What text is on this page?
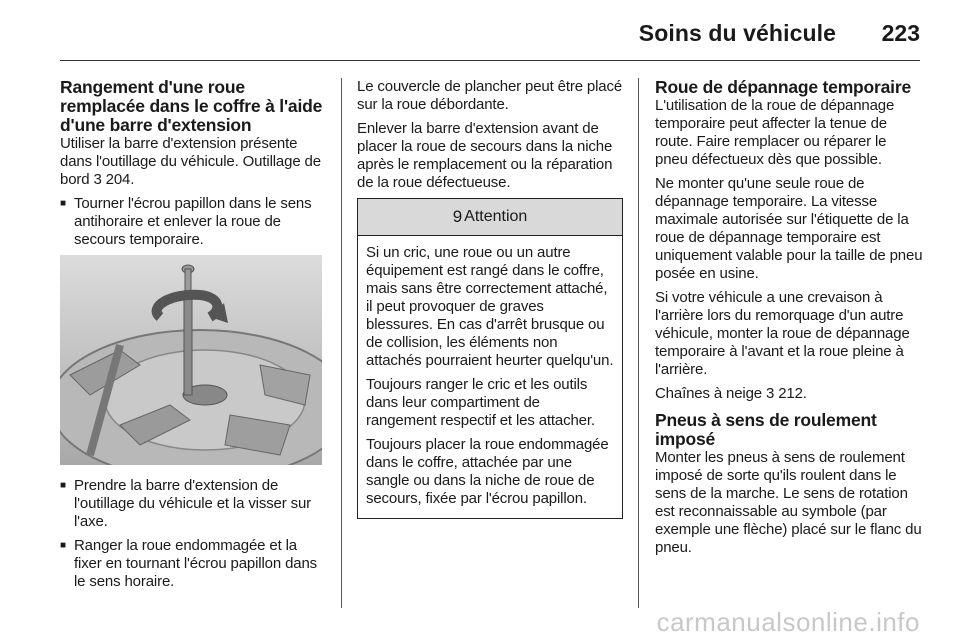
Soins du véhicule 223
Rangement d'une roue remplacée dans le coffre à l'aide d'une barre d'extension

Utiliser la barre d'extension présente dans l'outillage du véhicule. Outillage de bord 3 204.

■ Tourner l'écrou papillon dans le sens antihoraire et enlever la roue de secours temporaire.
■ Prendre la barre d'extension de l'outillage du véhicule et la visser sur l'axe.
■ Ranger la roue endommagée et la fixer en tournant l'écrou papillon dans le sens horaire.

Le couvercle de plancher peut être placé sur la roue débordante.

Enlever la barre d'extension avant de placer la roue de secours dans la niche après le remplacement ou la réparation de la roue défectueuse.

9 Attention

Si un cric, une roue ou un autre équipement est rangé dans le coffre, mais sans être correctement attaché, il peut provoquer de graves blessures. En cas d'arrêt brusque ou de collision, les éléments non attachés pourraient heurter quelqu'un.

Toujours ranger le cric et les outils dans leur compartiment de rangement respectif et les attacher.

Toujours placer la roue endommagée dans le coffre, attachée par une sangle ou dans la niche de roue de secours, fixée par l'écrou papillon.

Roue de dépannage temporaire

L'utilisation de la roue de dépannage temporaire peut affecter la tenue de route. Faire remplacer ou réparer le pneu défectueux dès que possible.

Ne monter qu'une seule roue de dépannage temporaire. La vitesse maximale autorisée sur l'étiquette de la roue de dépannage temporaire est uniquement valable pour la taille de pneu posée en usine.

Si votre véhicule a une crevaison à l'arrière lors du remorquage d'un autre véhicule, monter la roue de dépannage temporaire à l'avant et la roue pleine à l'arrière.

Chaînes à neige 3 212.

Pneus à sens de roulement imposé

Monter les pneus à sens de roulement imposé de sorte qu'ils roulent dans le sens de la marche. Le sens de rotation est reconnaissable au symbole (par exemple une flèche) placé sur le flanc du pneu.

carmanualsonline.info
